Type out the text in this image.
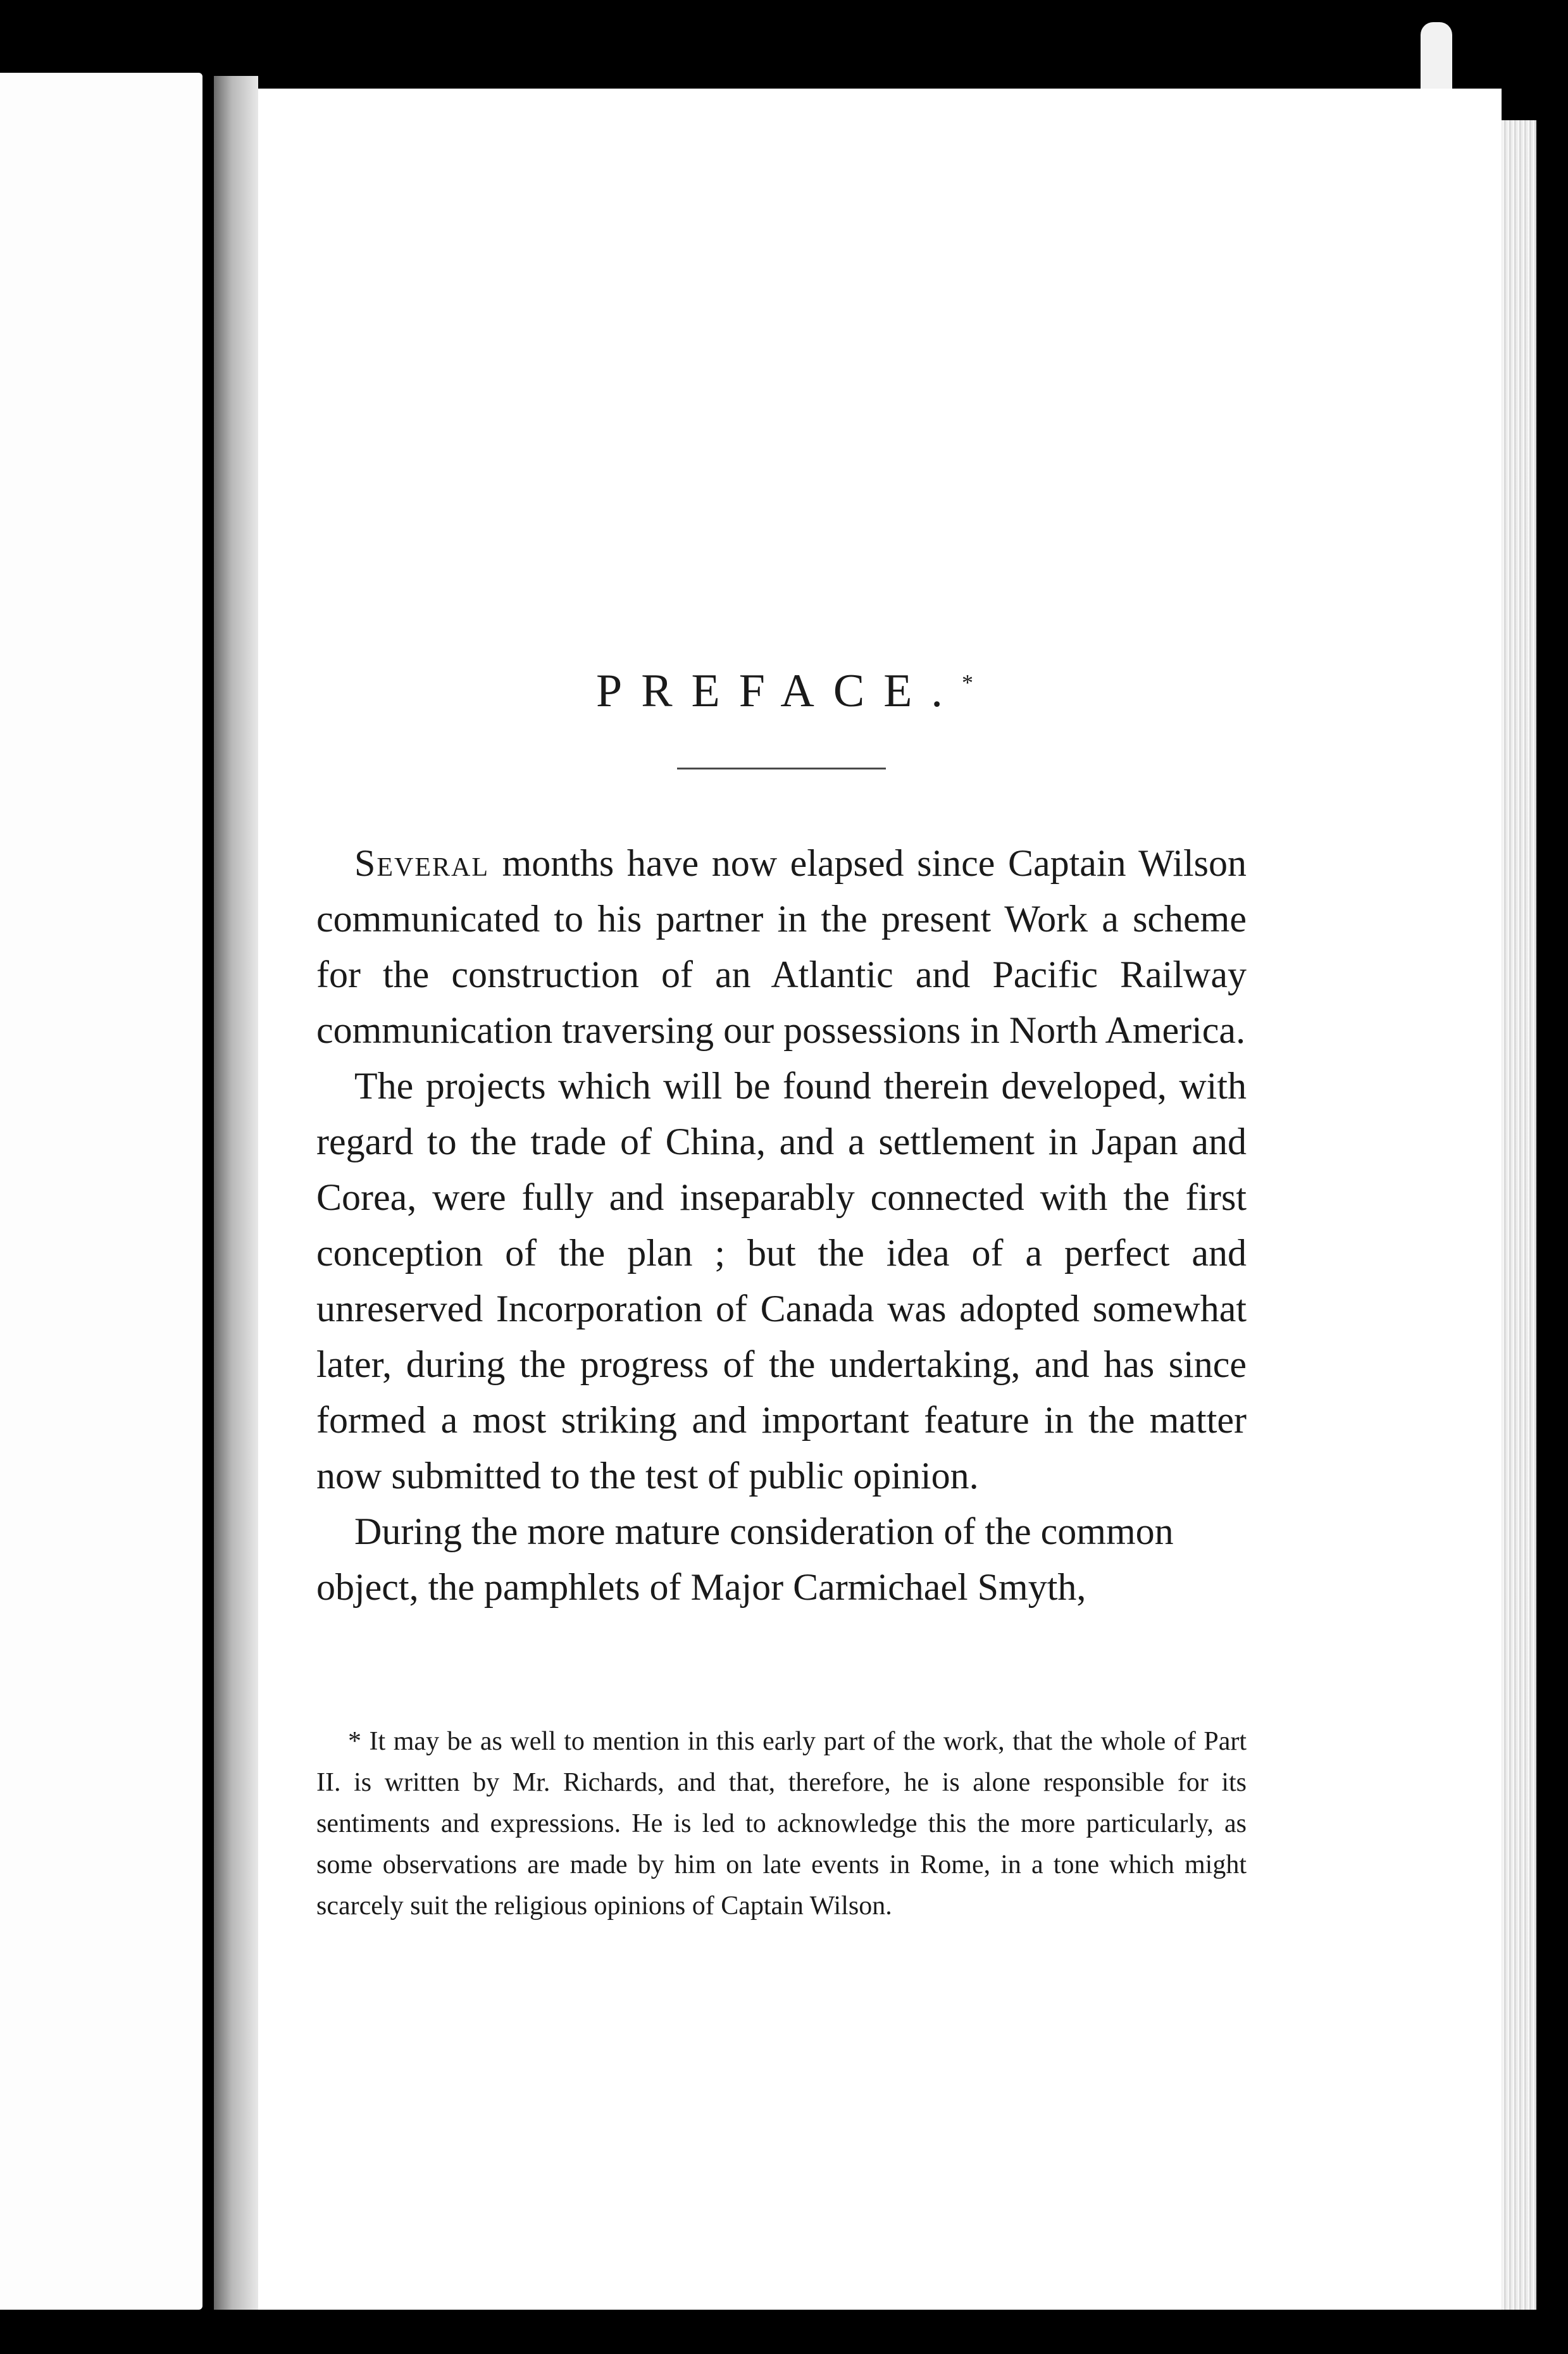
PREFACE.*

Several months have now elapsed since Captain Wilson communicated to his partner in the present Work a scheme for the construction of an Atlantic and Pacific Railway communication traversing our possessions in North America.

The projects which will be found therein developed, with regard to the trade of China, and a settlement in Japan and Corea, were fully and inseparably connected with the first conception of the plan ; but the idea of a perfect and unreserved Incorporation of Canada was adopted somewhat later, during the progress of the undertaking, and has since formed a most striking and important feature in the matter now submitted to the test of public opinion.

During the more mature consideration of the common object, the pamphlets of Major Carmichael Smyth,

* It may be as well to mention in this early part of the work, that the whole of Part II. is written by Mr. Richards, and that, therefore, he is alone responsible for its sentiments and expressions. He is led to acknowledge this the more particularly, as some observations are made by him on late events in Rome, in a tone which might scarcely suit the religious opinions of Captain Wilson.
